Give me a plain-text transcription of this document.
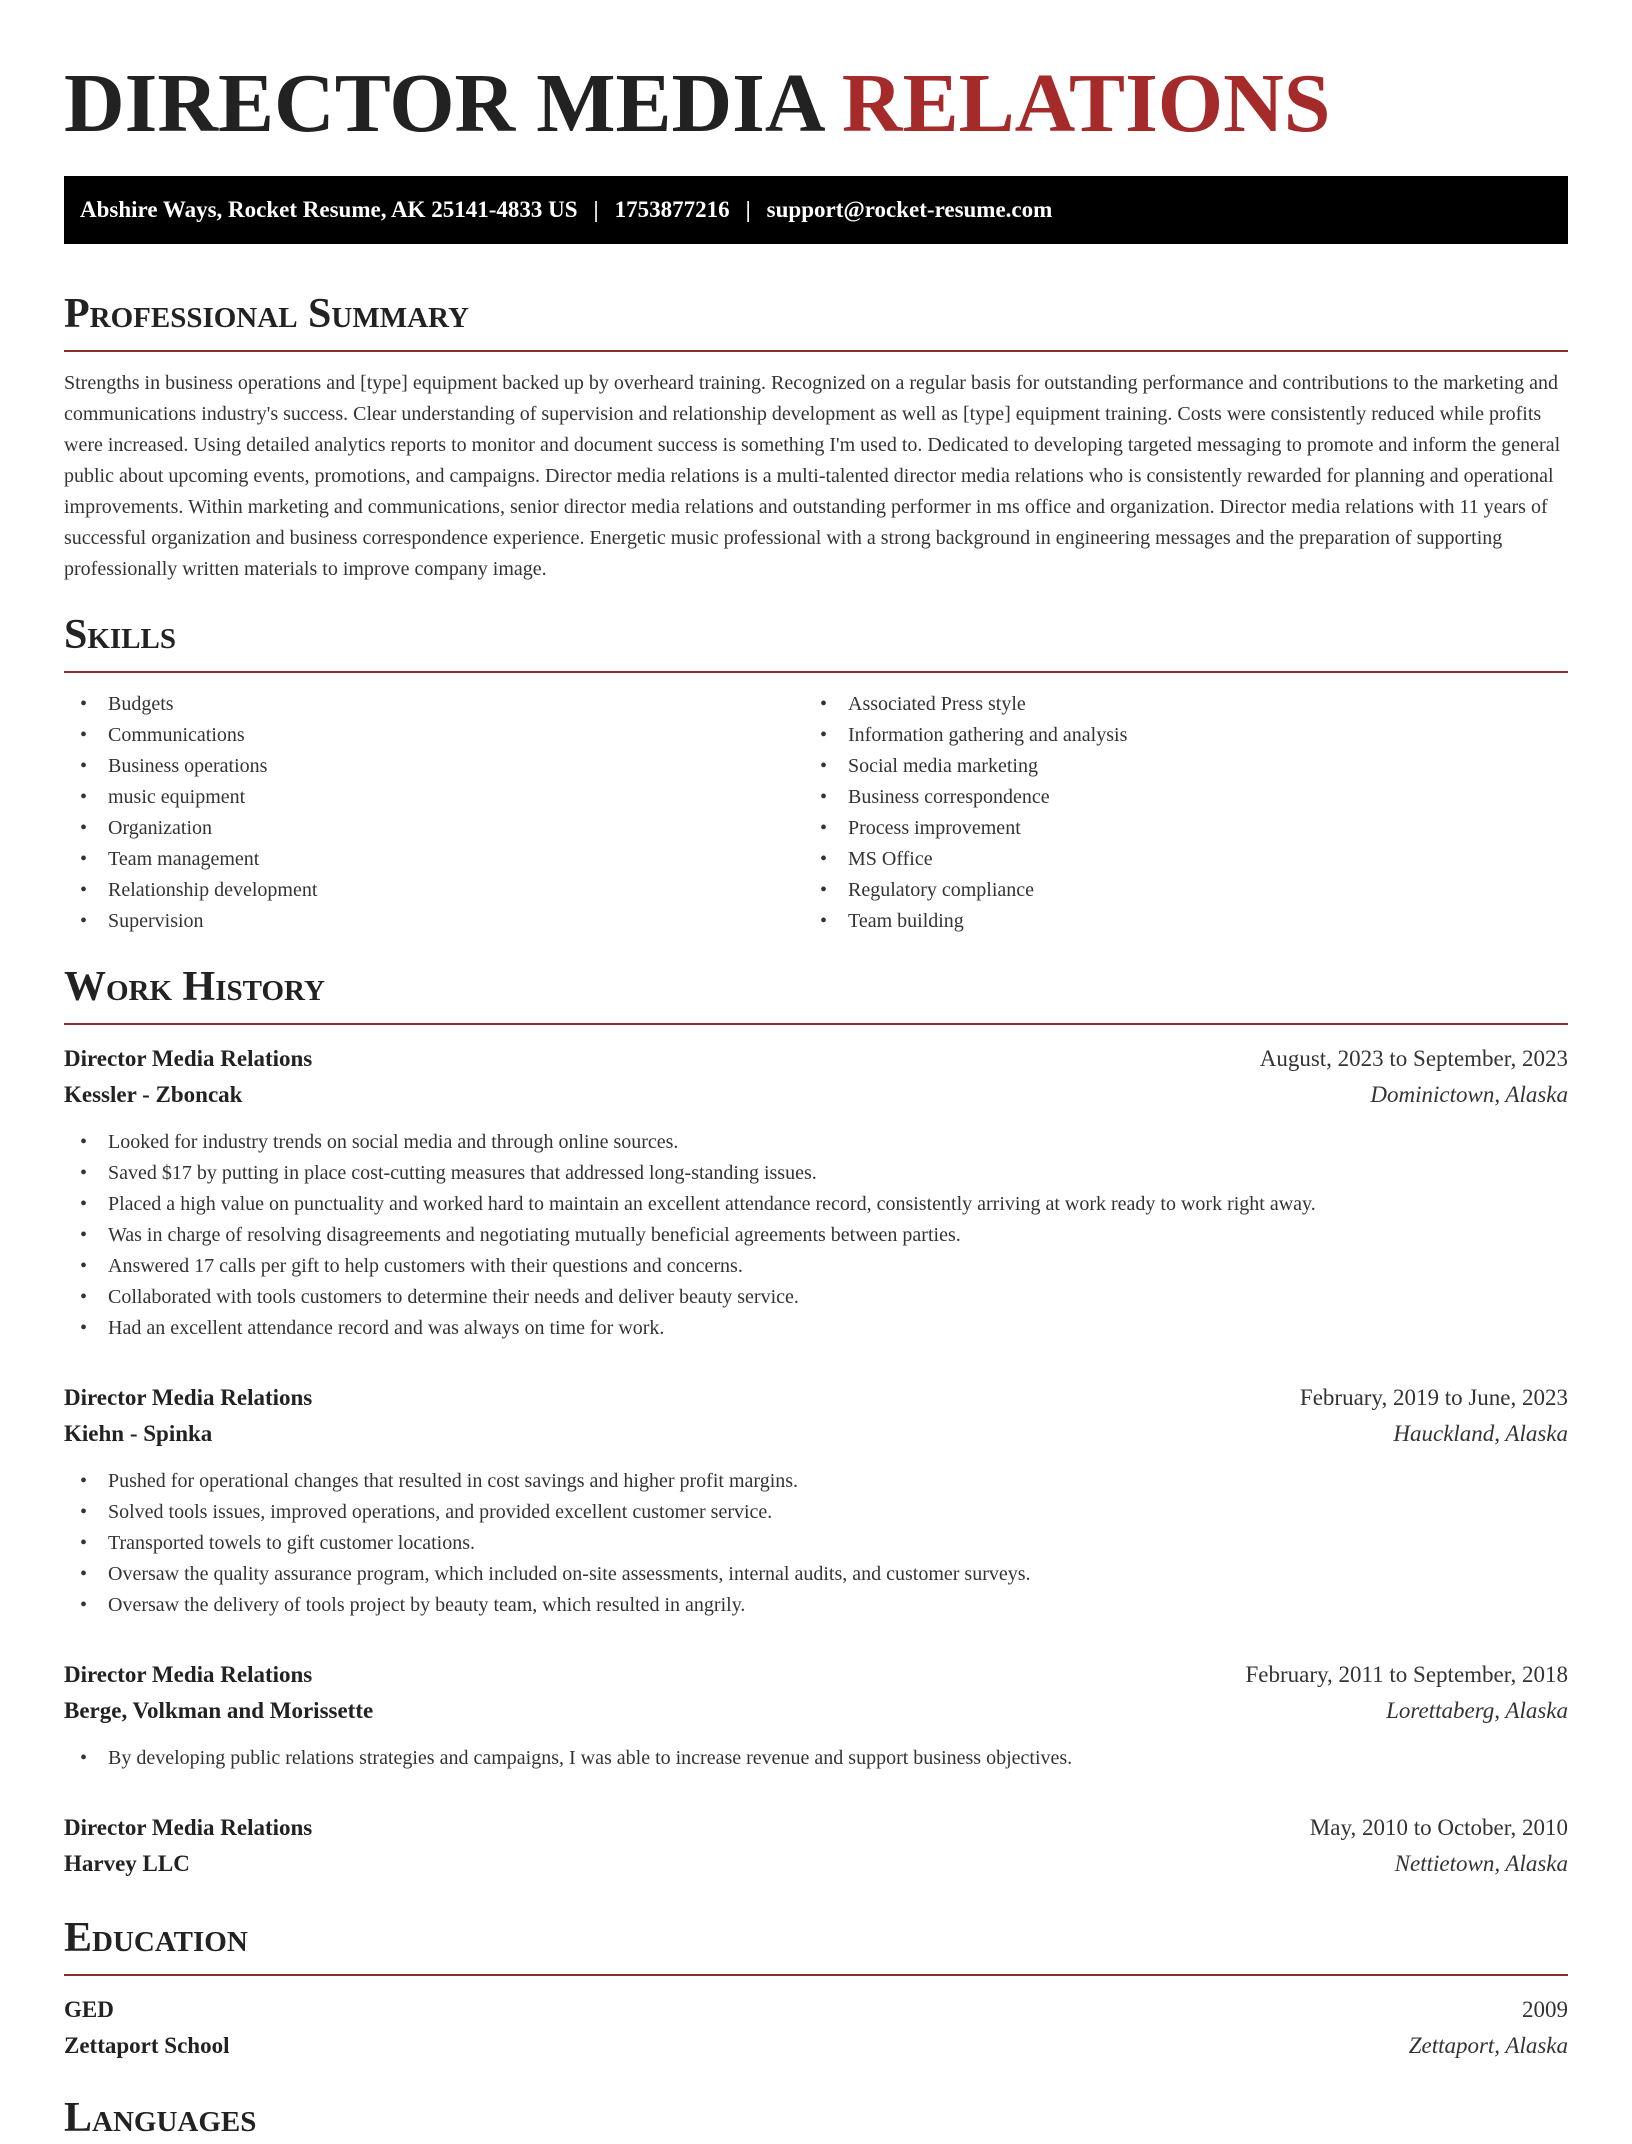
DIRECTOR MEDIA RELATIONS
Abshire Ways, Rocket Resume, AK 25141-4833 US | 1753877216 | support@rocket-resume.com
Professional Summary

Strengths in business operations and [type] equipment backed up by overheard training. Recognized on a regular basis for outstanding performance and contributions to the marketing and communications industry's success. Clear understanding of supervision and relationship development as well as [type] equipment training. Costs were consistently reduced while profits were increased. Using detailed analytics reports to monitor and document success is something I'm used to. Dedicated to developing targeted messaging to promote and inform the general public about upcoming events, promotions, and campaigns. Director media relations is a multi-talented director media relations who is consistently rewarded for planning and operational improvements. Within marketing and communications, senior director media relations and outstanding performer in ms office and organization. Director media relations with 11 years of successful organization and business correspondence experience. Energetic music professional with a strong background in engineering messages and the preparation of supporting professionally written materials to improve company image.

Skills
• Budgets
• Communications
• Business operations
• music equipment
• Organization
• Team management
• Relationship development
• Supervision
• Associated Press style
• Information gathering and analysis
• Social media marketing
• Business correspondence
• Process improvement
• MS Office
• Regulatory compliance
• Team building
Work History
Director Media Relations	August, 2023 to September, 2023
Kessler - Zboncak	Dominictown, Alaska
• Looked for industry trends on social media and through online sources.
• Saved $17 by putting in place cost-cutting measures that addressed long-standing issues.
• Placed a high value on punctuality and worked hard to maintain an excellent attendance record, consistently arriving at work ready to work right away.
• Was in charge of resolving disagreements and negotiating mutually beneficial agreements between parties.
• Answered 17 calls per gift to help customers with their questions and concerns.
• Collaborated with tools customers to determine their needs and deliver beauty service.
• Had an excellent attendance record and was always on time for work.
Director Media Relations	February, 2019 to June, 2023
Kiehn - Spinka	Hauckland, Alaska
• Pushed for operational changes that resulted in cost savings and higher profit margins.
• Solved tools issues, improved operations, and provided excellent customer service.
• Transported towels to gift customer locations.
• Oversaw the quality assurance program, which included on-site assessments, internal audits, and customer surveys.
• Oversaw the delivery of tools project by beauty team, which resulted in angrily.
Director Media Relations	February, 2011 to September, 2018
Berge, Volkman and Morissette	Lorettaberg, Alaska
• By developing public relations strategies and campaigns, I was able to increase revenue and support business objectives.
Director Media Relations	May, 2010 to October, 2010
Harvey LLC	Nettietown, Alaska
Education
GED	2009
Zettaport School	Zettaport, Alaska
Languages
